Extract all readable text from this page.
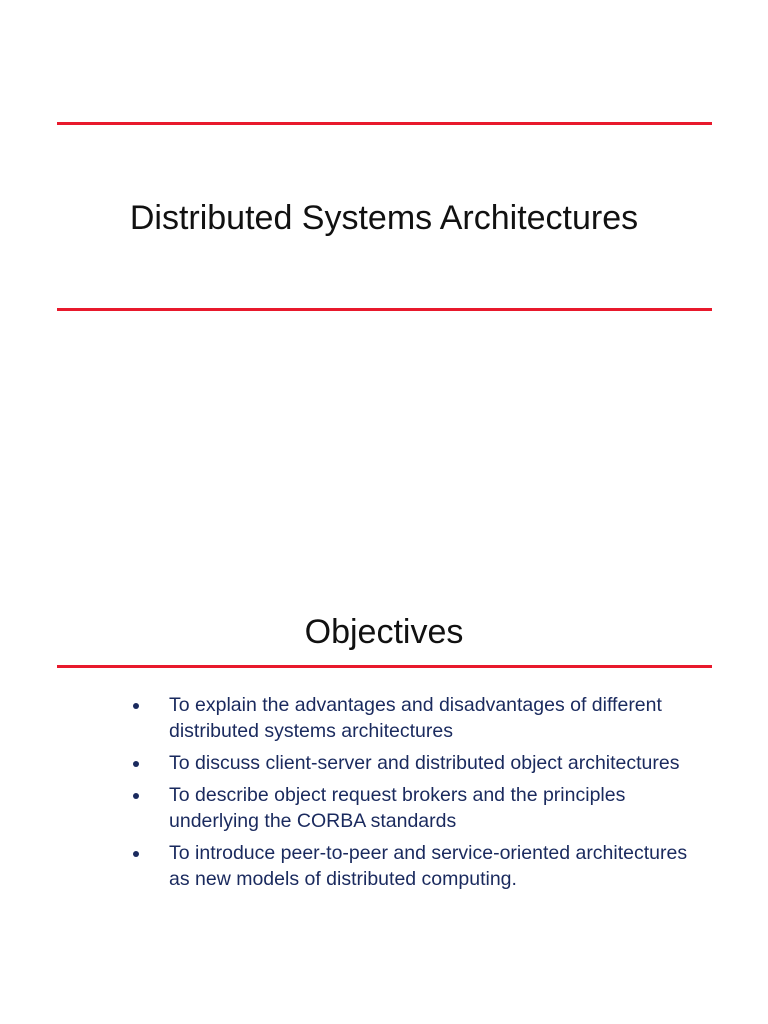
Distributed Systems Architectures
Objectives
To explain the advantages and disadvantages of different distributed systems architectures
To discuss client-server and distributed object architectures
To describe object request brokers and the principles underlying the CORBA standards
To introduce peer-to-peer and service-oriented architectures as new models of distributed computing.
